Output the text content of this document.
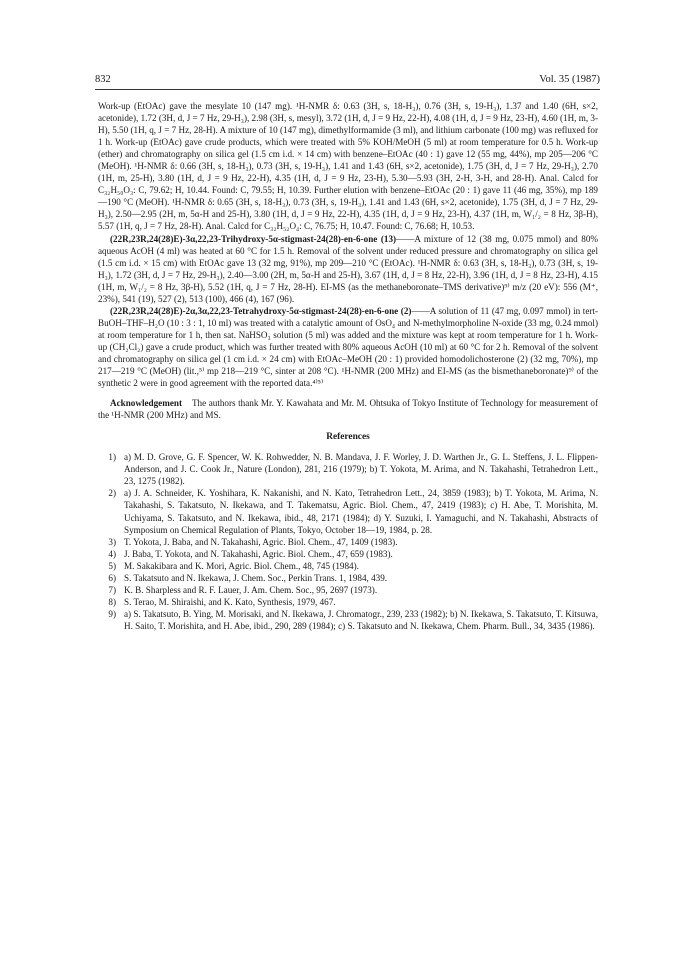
832	Vol. 35 (1987)

Work-up (EtOAc) gave the mesylate 10 (147 mg). ¹H-NMR δ: 0.63 (3H, s, 18-H₃), 0.76 (3H, s, 19-H₃), 1.37 and 1.40 (6H, s×2, acetonide), 1.72 (3H, d, J = 7 Hz, 29-H₃), 2.98 (3H, s, mesyl), 3.72 (1H, d, J = 9 Hz, 22-H), 4.08 (1H, d, J = 9 Hz, 23-H), 4.60 (1H, m, 3-H), 5.50 (1H, q, J = 7 Hz, 28-H). A mixture of 10 (147 mg), dimethylformamide (3 ml), and lithium carbonate (100 mg) was refluxed for 1 h. Work-up (EtOAc) gave crude products, which were treated with 5% KOH/MeOH (5 ml) at room temperature for 0.5 h. Work-up (ether) and chromatography on silica gel (1.5 cm i.d. × 14 cm) with benzene–EtOAc (40 : 1) gave 12 (55 mg, 44%), mp 205—206 °C (MeOH). ¹H-NMR δ: 0.66 (3H, s, 18-H₃), 0.73 (3H, s, 19-H₃), 1.41 and 1.43 (6H, s×2, acetonide), 1.75 (3H, d, J = 7 Hz, 29-H₃), 2.70 (1H, m, 25-H), 3.80 (1H, d, J = 9 Hz, 22-H), 4.35 (1H, d, J = 9 Hz, 23-H), 5.30—5.93 (3H, 2-H, 3-H, and 28-H). Anal. Calcd for C₃₂H₅₀O₃: C, 79.62; H, 10.44. Found: C, 79.55; H, 10.39. Further elution with benzene–EtOAc (20 : 1) gave 11 (46 mg, 35%), mp 189—190 °C (MeOH). ¹H-NMR δ: 0.65 (3H, s, 18-H₃), 0.73 (3H, s, 19-H₃), 1.41 and 1.43 (6H, s×2, acetonide), 1.75 (3H, d, J = 7 Hz, 29-H₃), 2.50—2.95 (2H, m, 5α-H and 25-H), 3.80 (1H, d, J = 9 Hz, 22-H), 4.35 (1H, d, J = 9 Hz, 23-H), 4.37 (1H, m, W₁/₂ = 8 Hz, 3β-H), 5.57 (1H, q, J = 7 Hz, 28-H). Anal. Calcd for C₃₂H₅₂O₄: C, 76.75; H, 10.47. Found: C, 76.68; H, 10.53.

(22R,23R,24(28)E)-3α,22,23-Trihydroxy-5α-stigmast-24(28)-en-6-one (13)——A mixture of 12 (38 mg, 0.075 mmol) and 80% aqueous AcOH (4 ml) was heated at 60 °C for 1.5 h. Removal of the solvent under reduced pressure and chromatography on silica gel (1.5 cm i.d. × 15 cm) with EtOAc gave 13 (32 mg, 91%), mp 209—210 °C (EtOAc). ¹H-NMR δ: 0.63 (3H, s, 18-H₃), 0.73 (3H, s, 19-H₃), 1.72 (3H, d, J = 7 Hz, 29-H₃), 2.40—3.00 (2H, m, 5α-H and 25-H), 3.67 (1H, d, J = 8 Hz, 22-H), 3.96 (1H, d, J = 8 Hz, 23-H), 4.15 (1H, m, W₁/₂ = 8 Hz, 3β-H), 5.52 (1H, q, J = 7 Hz, 28-H). EI-MS (as the methaneboronate–TMS derivative)⁹⁾ m/z (20 eV): 556 (M⁺, 23%), 541 (19), 527 (2), 513 (100), 466 (4), 167 (96).

(22R,23R,24(28)E)-2α,3α,22,23-Tetrahydroxy-5α-stigmast-24(28)-en-6-one (2)——A solution of 11 (47 mg, 0.097 mmol) in tert-BuOH–THF–H₂O (10 : 3 : 1, 10 ml) was treated with a catalytic amount of OsO₄ and N-methylmorpholine N-oxide (33 mg, 0.24 mmol) at room temperature for 1 h, then sat. NaHSO₃ solution (5 ml) was added and the mixture was kept at room temperature for 1 h. Work-up (CH₂Cl₂) gave a crude product, which was further treated with 80% aqueous AcOH (10 ml) at 60 °C for 2 h. Removal of the solvent and chromatography on silica gel (1 cm i.d. × 24 cm) with EtOAc–MeOH (20 : 1) provided homodolichosterone (2) (32 mg, 70%), mp 217—219 °C (MeOH) (lit.,⁵⁾ mp 218—219 °C, sinter at 208 °C). ¹H-NMR (200 MHz) and EI-MS (as the bismethaneboronate)⁹⁾ of the synthetic 2 were in good agreement with the reported data.⁴⁾⁵⁾

Acknowledgement The authors thank Mr. Y. Kawahata and Mr. M. Ohtsuka of Tokyo Institute of Technology for measurement of the ¹H-NMR (200 MHz) and MS.

References
1) a) M. D. Grove, G. F. Spencer, W. K. Rohwedder, N. B. Mandava, J. F. Worley, J. D. Warthen Jr., G. L. Steffens, J. L. Flippen-Anderson, and J. C. Cook Jr., Nature (London), 281, 216 (1979); b) T. Yokota, M. Arima, and N. Takahashi, Tetrahedron Lett., 23, 1275 (1982).
2) a) J. A. Schneider, K. Yoshihara, K. Nakanishi, and N. Kato, Tetrahedron Lett., 24, 3859 (1983); b) T. Yokota, M. Arima, N. Takahashi, S. Takatsuto, N. Ikekawa, and T. Takematsu, Agric. Biol. Chem., 47, 2419 (1983); c) H. Abe, T. Morishita, M. Uchiyama, S. Takatsuto, and N. Ikekawa, ibid., 48, 2171 (1984); d) Y. Suzuki, I. Yamaguchi, and N. Takahashi, Abstracts of Symposium on Chemical Regulation of Plants, Tokyo, October 18—19, 1984, p. 28.
3) T. Yokota, J. Baba, and N. Takahashi, Agric. Biol. Chem., 47, 1409 (1983).
4) J. Baba, T. Yokota, and N. Takahashi, Agric. Biol. Chem., 47, 659 (1983).
5) M. Sakakibara and K. Mori, Agric. Biol. Chem., 48, 745 (1984).
6) S. Takatsuto and N. Ikekawa, J. Chem. Soc., Perkin Trans. 1, 1984, 439.
7) K. B. Sharpless and R. F. Lauer, J. Am. Chem. Soc., 95, 2697 (1973).
8) S. Terao, M. Shiraishi, and K. Kato, Synthesis, 1979, 467.
9) a) S. Takatsuto, B. Ying, M. Morisaki, and N. Ikekawa, J. Chromatogr., 239, 233 (1982); b) N. Ikekawa, S. Takatsuto, T. Kitsuwa, H. Saito, T. Morishita, and H. Abe, ibid., 290, 289 (1984); c) S. Takatsuto and N. Ikekawa, Chem. Pharm. Bull., 34, 3435 (1986).
